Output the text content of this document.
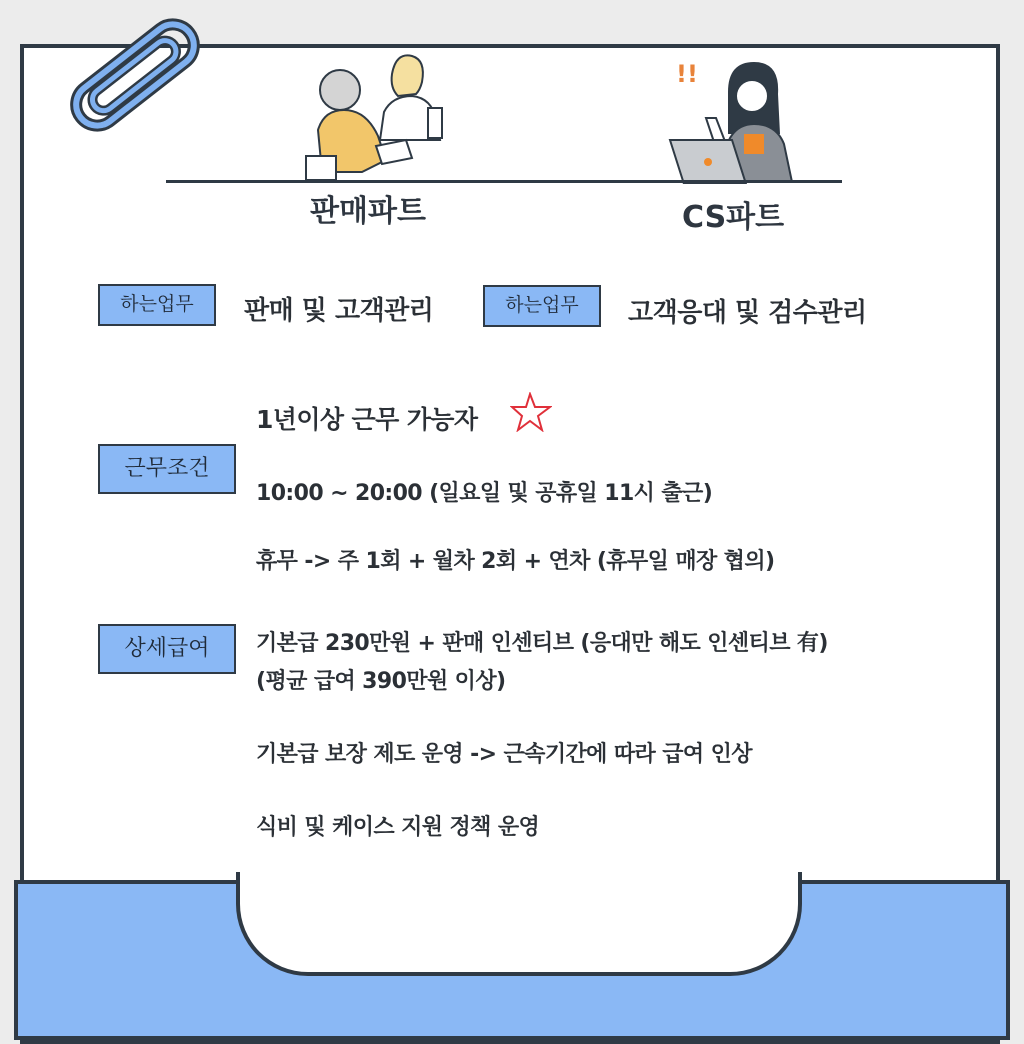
!!
판매파트	CS파트
하는업무	판매 및 고객관리	하는업무	고객응대 및 검수관리
근무조건
1년이상 근무 가능자
10:00 ~ 20:00 (일요일 및 공휴일 11시 출근)
휴무 -> 주 1회 + 월차 2회 + 연차 (휴무일 매장 협의)
상세급여	기본급 230만원 + 판매 인센티브 (응대만 해도 인센티브 有)
(평균 급여 390만원 이상)
기본급 보장 제도 운영 -> 근속기간에 따라 급여 인상
식비 및 케이스 지원 정책 운영
